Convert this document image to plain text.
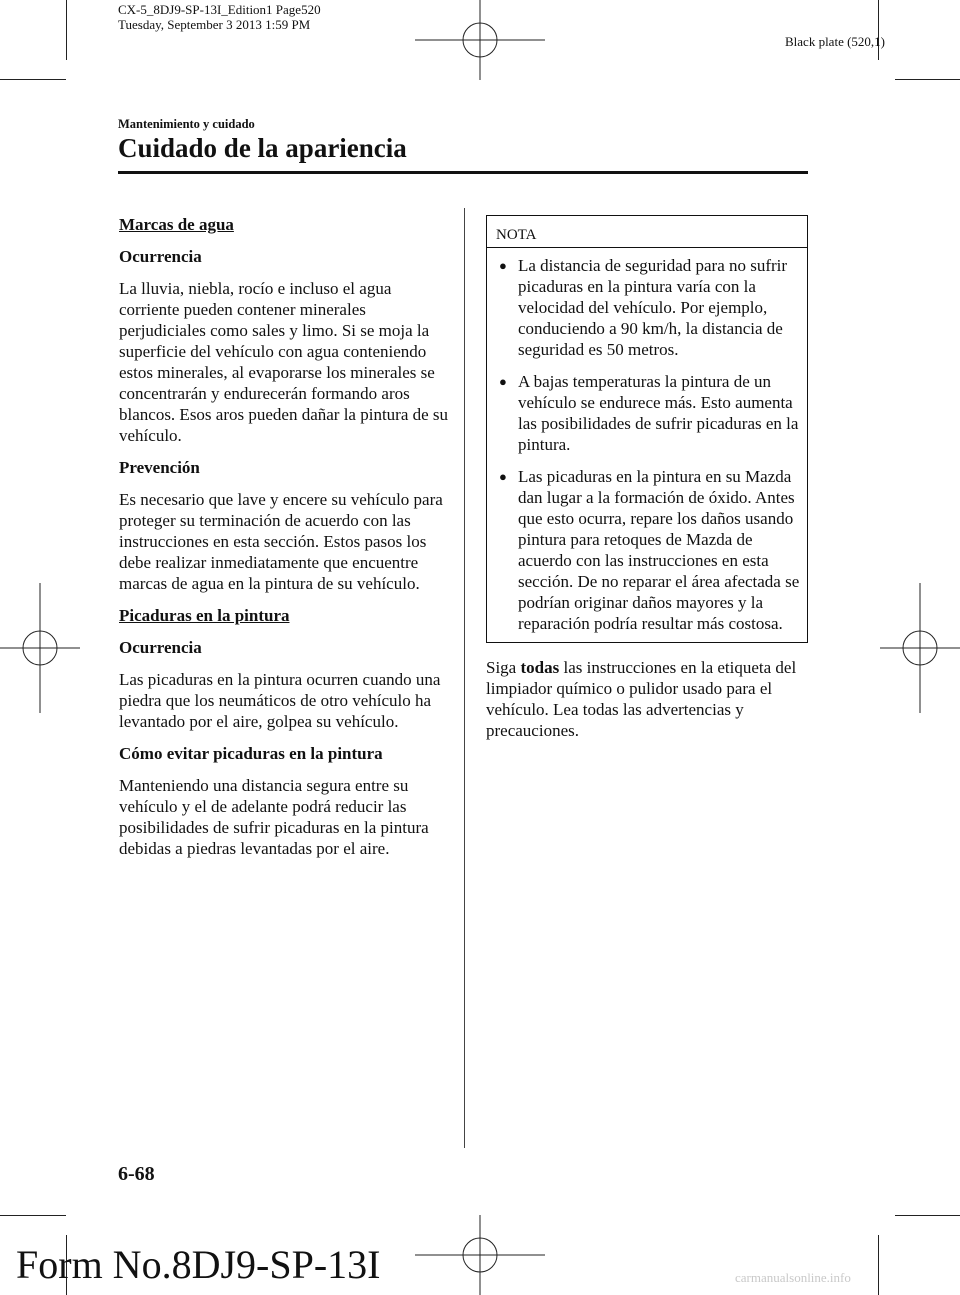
CX-5_8DJ9-SP-13I_Edition1 Page520
Tuesday, September 3 2013 1:59 PM
Black plate (520,1)
Mantenimiento y cuidado
Cuidado de la apariencia

Marcas de agua

Ocurrencia

La lluvia, niebla, rocío e incluso el agua corriente pueden contener minerales perjudiciales como sales y limo. Si se moja la superficie del vehículo con agua conteniendo estos minerales, al evaporarse los minerales se concentrarán y endurecerán formando aros blancos. Esos aros pueden dañar la pintura de su vehículo.

Prevención

Es necesario que lave y encere su vehículo para proteger su terminación de acuerdo con las instrucciones en esta sección. Estos pasos los debe realizar inmediatamente que encuentre marcas de agua en la pintura de su vehículo.

Picaduras en la pintura

Ocurrencia

Las picaduras en la pintura ocurren cuando una piedra que los neumáticos de otro vehículo ha levantado por el aire, golpea su vehículo.

Cómo evitar picaduras en la pintura

Manteniendo una distancia segura entre su vehículo y el de adelante podrá reducir las posibilidades de sufrir picaduras en la pintura debidas a piedras levantadas por el aire.

NOTA
● La distancia de seguridad para no sufrir picaduras en la pintura varía con la velocidad del vehículo. Por ejemplo, conduciendo a 90 km/h, la distancia de seguridad es 50 metros.
● A bajas temperaturas la pintura de un vehículo se endurece más. Esto aumenta las posibilidades de sufrir picaduras en la pintura.
● Las picaduras en la pintura en su Mazda dan lugar a la formación de óxido. Antes que esto ocurra, repare los daños usando pintura para retoques de Mazda de acuerdo con las instrucciones en esta sección. De no reparar el área afectada se podrían originar daños mayores y la reparación podría resultar más costosa.

Siga todas las instrucciones en la etiqueta del limpiador químico o pulidor usado para el vehículo. Lea todas las advertencias y precauciones.

6-68
Form No.8DJ9-SP-13I	carmanualsonline.info
